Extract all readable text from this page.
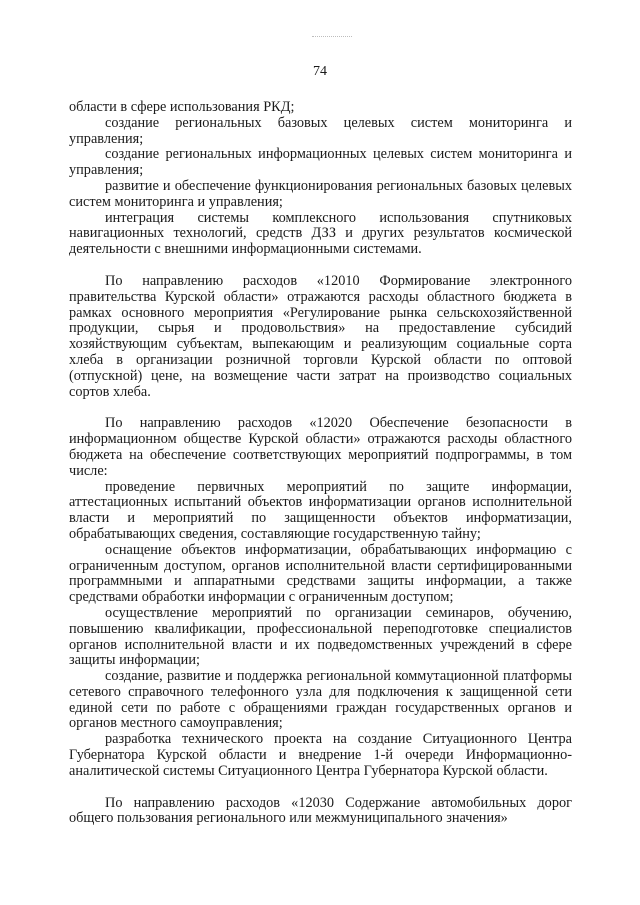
74

области в сфере использования РКД;

создание региональных базовых целевых систем мониторинга и управления;

создание региональных информационных целевых систем мониторинга и управления;

развитие и обеспечение функционирования региональных базовых целевых систем мониторинга и управления;

интеграция системы комплексного использования спутниковых навигационных технологий, средств ДЗЗ и других результатов космической деятельности с внешними информационными системами.

По направлению расходов «12010 Формирование электронного правительства Курской области» отражаются расходы областного бюджета в рамках основного мероприятия «Регулирование рынка сельскохозяйственной продукции, сырья и продовольствия» на предоставление субсидий хозяйствующим субъектам, выпекающим и реализующим социальные сорта хлеба в организации розничной торговли Курской области по оптовой (отпускной) цене, на возмещение части затрат на производство социальных сортов хлеба.

По направлению расходов «12020 Обеспечение безопасности в информационном обществе Курской области» отражаются расходы областного бюджета на обеспечение соответствующих мероприятий подпрограммы, в том числе:

проведение первичных мероприятий по защите информации, аттестационных испытаний объектов информатизации органов исполнительной власти и мероприятий по защищенности объектов информатизации, обрабатывающих сведения, составляющие государственную тайну;

оснащение объектов информатизации, обрабатывающих информацию с ограниченным доступом, органов исполнительной власти сертифицированными программными и аппаратными средствами защиты информации, а также средствами обработки информации с ограниченным доступом;

осуществление мероприятий по организации семинаров, обучению, повышению квалификации, профессиональной переподготовке специалистов органов исполнительной власти и их подведомственных учреждений в сфере защиты информации;

создание, развитие и поддержка региональной коммутационной платформы сетевого справочного телефонного узла для подключения к защищенной сети единой сети по работе с обращениями граждан государственных органов и органов местного самоуправления;

разработка технического проекта на создание Ситуационного Центра Губернатора Курской области и внедрение 1-й очереди Информационно-аналитической системы Ситуационного Центра Губернатора Курской области.

По направлению расходов «12030 Содержание автомобильных дорог общего пользования регионального или межмуниципального значения»
